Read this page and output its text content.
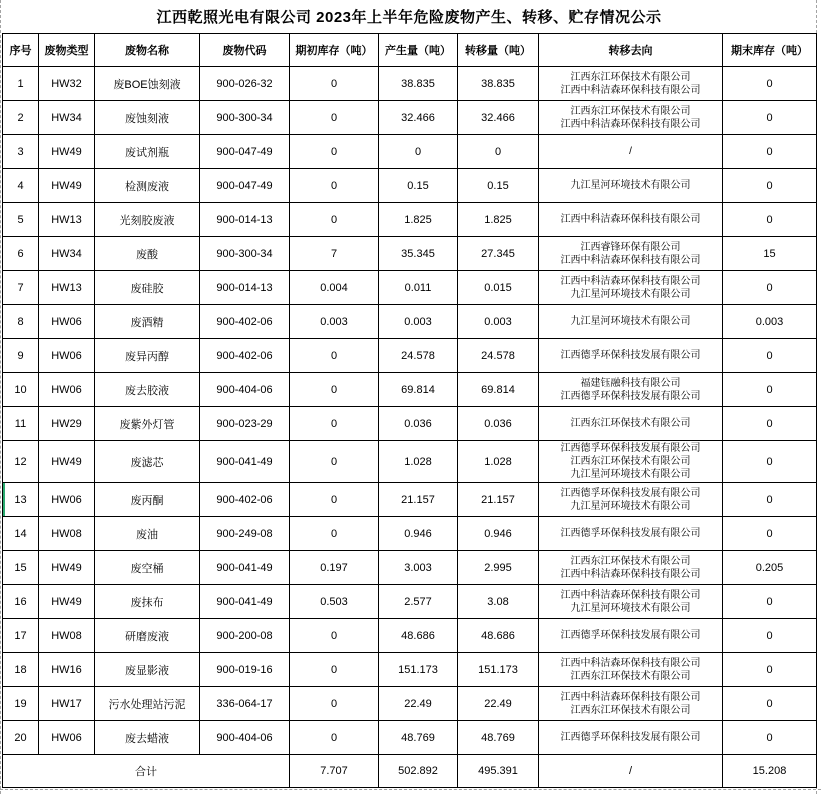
江西乾照光电有限公司 2023年上半年危险废物产生、转移、贮存情况公示
序号	废物类型	废物名称	废物代码	期初库存（吨）	产生量（吨）	转移量（吨）	转移去向	期末库存（吨）
1	HW32	废BOE蚀刻液	900-026-32	0	38.835	38.835	江西东江环保技术有限公司
江西中科洁森环保科技有限公司	0
2	HW34	废蚀刻液	900-300-34	0	32.466	32.466	江西东江环保技术有限公司
江西中科洁森环保科技有限公司	0
3	HW49	废试剂瓶	900-047-49	0	0	0	/	0
4	HW49	检测废液	900-047-49	0	0.15	0.15	九江星河环境技术有限公司	0
5	HW13	光刻胶废液	900-014-13	0	1.825	1.825	江西中科洁森环保科技有限公司	0
6	HW34	废酸	900-300-34	7	35.345	27.345	江西睿锋环保有限公司
江西中科洁森环保科技有限公司	15
7	HW13	废硅胶	900-014-13	0.004	0.011	0.015	江西中科洁森环保科技有限公司
九江星河环境技术有限公司	0
8	HW06	废酒精	900-402-06	0.003	0.003	0.003	九江星河环境技术有限公司	0.003
9	HW06	废异丙醇	900-402-06	0	24.578	24.578	江西德孚环保科技发展有限公司	0
10	HW06	废去胶液	900-404-06	0	69.814	69.814	福建钰融科技有限公司
江西德孚环保科技发展有限公司	0
11	HW29	废紫外灯管	900-023-29	0	0.036	0.036	江西东江环保技术有限公司	0
12	HW49	废滤芯	900-041-49	0	1.028	1.028	江西德孚环保科技发展有限公司
江西东江环保技术有限公司
九江星河环境技术有限公司	0
13	HW06	废丙酮	900-402-06	0	21.157	21.157	江西德孚环保科技发展有限公司
九江星河环境技术有限公司	0
14	HW08	废油	900-249-08	0	0.946	0.946	江西德孚环保科技发展有限公司	0
15	HW49	废空桶	900-041-49	0.197	3.003	2.995	江西东江环保技术有限公司
江西中科洁森环保科技有限公司	0.205
16	HW49	废抹布	900-041-49	0.503	2.577	3.08	江西中科洁森环保科技有限公司
九江星河环境技术有限公司	0
17	HW08	研磨废液	900-200-08	0	48.686	48.686	江西德孚环保科技发展有限公司	0
18	HW16	废显影液	900-019-16	0	151.173	151.173	江西中科洁森环保科技有限公司
江西东江环保技术有限公司	0
19	HW17	污水处理站污泥	336-064-17	0	22.49	22.49	江西中科洁森环保科技有限公司
江西东江环保技术有限公司	0
20	HW06	废去蜡液	900-404-06	0	48.769	48.769	江西德孚环保科技发展有限公司	0
合计				7.707	502.892	495.391	/	15.208
